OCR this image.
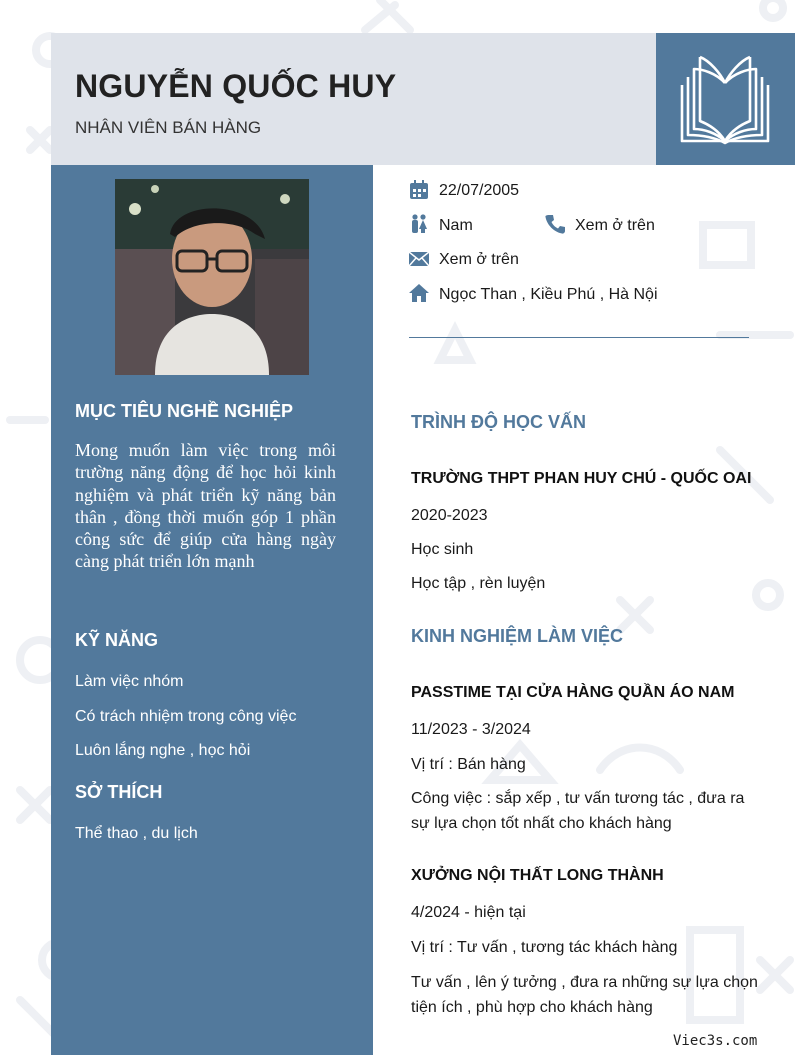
NGUYỄN QUỐC HUY
NHÂN VIÊN BÁN HÀNG
MỤC TIÊU NGHỀ NGHIỆP
Mong muốn làm việc trong môi trường năng động để học hỏi kinh nghiệm và phát triển kỹ năng bản thân , đồng thời muốn góp 1 phần công sức để giúp cửa hàng ngày càng phát triển lớn mạnh
KỸ NĂNG
Làm việc nhóm
Có trách nhiệm trong công việc
Luôn lắng nghe , học hỏi
SỞ THÍCH
Thể thao , du lịch
22/07/2005
Nam	Xem ở trên
Xem ở trên
Ngọc Than , Kiều Phú , Hà Nội
TRÌNH ĐỘ HỌC VẤN
TRƯỜNG THPT PHAN HUY CHÚ - QUỐC OAI
2020-2023
Học sinh
Học tập , rèn luyện
KINH NGHIỆM LÀM VIỆC
PASSTIME TẠI CỬA HÀNG QUẦN ÁO NAM
11/2023 - 3/2024
Vị trí : Bán hàng
Công việc : sắp xếp , tư vấn tương tác , đưa ra sự lựa chọn tốt nhất cho khách hàng
XƯỞNG NỘI THẤT LONG THÀNH
4/2024 - hiện tại
Vị trí : Tư vấn , tương tác khách hàng
Tư vấn , lên ý tưởng , đưa ra những sự lựa chọn tiện ích , phù hợp cho khách hàng
Viec3s.com
